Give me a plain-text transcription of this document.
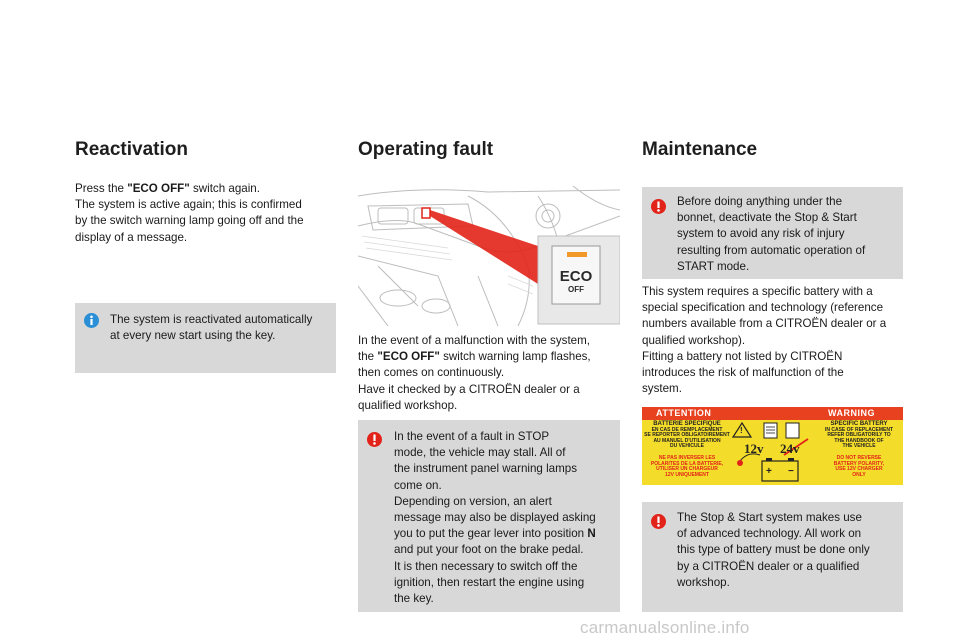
Reactivation
Press the "ECO OFF" switch again.
The system is active again; this is confirmed
by the switch warning lamp going off and the
display of a message.
The system is reactivated automatically
at every new start using the key.
Operating fault
ECO
OFF
In the event of a malfunction with the system,
the "ECO OFF" switch warning lamp flashes,
then comes on continuously.
Have it checked by a CITROËN dealer or a
qualified workshop.
In the event of a fault in STOP
mode, the vehicle may stall. All of
the instrument panel warning lamps
come on.
Depending on version, an alert
message may also be displayed asking
you to put the gear lever into position N
and put your foot on the brake pedal.
It is then necessary to switch off the
ignition, then restart the engine using
the key.
Maintenance
Before doing anything under the
bonnet, deactivate the Stop & Start
system to avoid any risk of injury
resulting from automatic operation of
START mode.
This system requires a specific battery with a
special specification and technology (reference
numbers available from a CITROËN dealer or a
qualified workshop).
Fitting a battery not listed by CITROËN
introduces the risk of malfunction of the
system.
ATTENTION	WARNING
BATTERIE SPECIFIQUE
EN CAS DE REMPLACEMENT
SE REPORTER OBLIGATOIREMENT
AU MANUEL D'UTILISATION
DU VEHICULE
NE PAS INVERSER LES
POLARITES DE LA BATTERIE,
UTILISER UN CHARGEUR
12V UNIQUEMENT
!
12v 24v
+ −
SPECIFIC BATTERY
IN CASE OF REPLACEMENT
REFER OBLIGATORILY TO
THE HANDBOOK OF
THE VEHICLE
DO NOT REVERSE
BATTERY POLARITY,
USE 12V CHARGER
ONLY
The Stop & Start system makes use
of advanced technology. All work on
this type of battery must be done only
by a CITROËN dealer or a qualified
workshop.
carmanualsonline.info
